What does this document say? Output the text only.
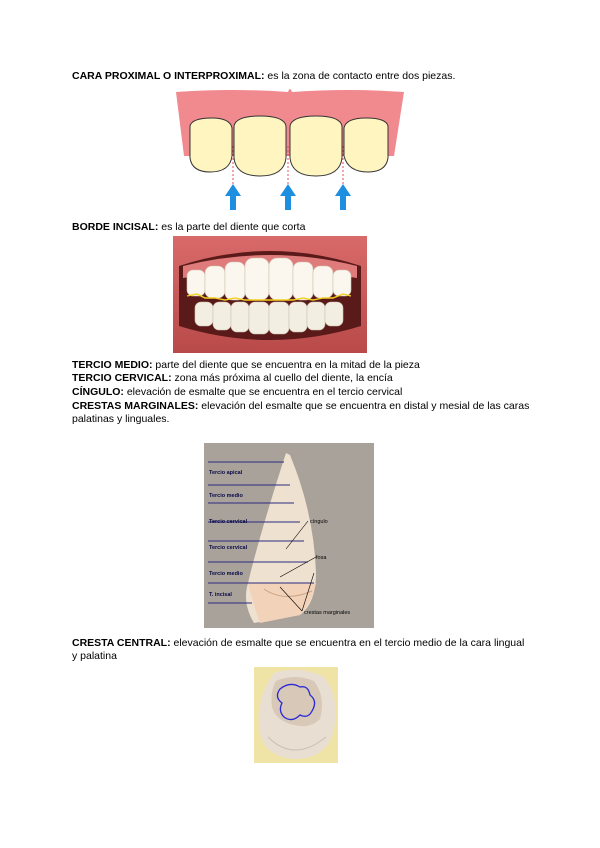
CARA PROXIMAL O INTERPROXIMAL: es la zona de contacto entre dos piezas.
BORDE INCISAL: es la parte del diente que corta
TERCIO MEDIO: parte del diente que se encuentra en la mitad de la pieza
TERCIO CERVICAL: zona más próxima al cuello del diente, la encía
CÍNGULO: elevación de esmalte que se encuentra en el tercio cervical
CRESTAS MARGINALES: elevación del esmalte que se encuentra en distal y mesial de las caras palatinas y linguales.
Tercio apical
Tercio medio
Tercio cervical
Tercio cervical
Tercio medio
T. incisal
cíngulo
fosa
crestas marginales
CRESTA CENTRAL: elevación de esmalte que se encuentra en el tercio medio de la cara lingual y palatina
